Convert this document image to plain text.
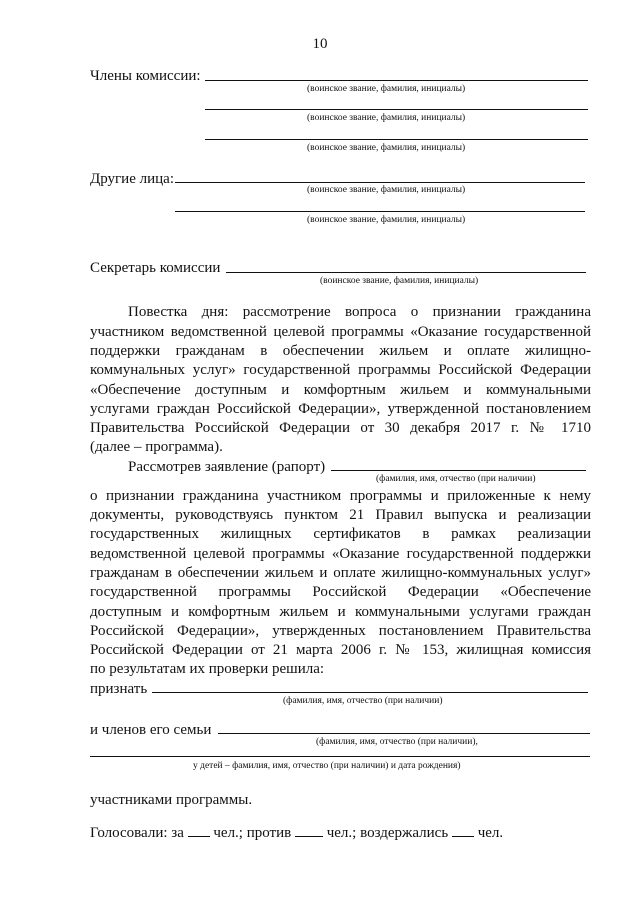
10
Члены комиссии:
(воинское звание, фамилия, инициалы)
(воинское звание, фамилия, инициалы)
(воинское звание, фамилия, инициалы)
Другие лица:
(воинское звание, фамилия, инициалы)
(воинское звание, фамилия, инициалы)
Секретарь комиссии
(воинское звание, фамилия, инициалы)
Повестка дня: рассмотрение вопроса о признании гражданина
участником ведомственной целевой программы «Оказание государственной
поддержки гражданам в обеспечении жильем и оплате жилищно-
коммунальных услуг» государственной программы Российской Федерации
«Обеспечение доступным и комфортным жильем и коммунальными
услугами граждан Российской Федерации», утвержденной постановлением
Правительства Российской Федерации от 30 декабря 2017 г. № 1710
(далее – программа).
Рассмотрев заявление (рапорт)
(фамилия, имя, отчество (при наличии)
о признании гражданина участником программы и приложенные к нему
документы, руководствуясь пунктом 21 Правил выпуска и реализации
государственных жилищных сертификатов в рамках реализации
ведомственной целевой программы «Оказание государственной поддержки
гражданам в обеспечении жильем и оплате жилищно-коммунальных услуг»
государственной программы Российской Федерации «Обеспечение
доступным и комфортным жильем и коммунальными услугами граждан
Российской Федерации», утвержденных постановлением Правительства
Российской Федерации от 21 марта 2006 г. № 153, жилищная комиссия
по результатам их проверки решила:
признать
(фамилия, имя, отчество (при наличии)
и членов его семьи
(фамилия, имя, отчество (при наличии),
у детей – фамилия, имя, отчество (при наличии) и дата рождения)
участниками программы.
Голосовали: за чел.; против чел.; воздержались чел.
